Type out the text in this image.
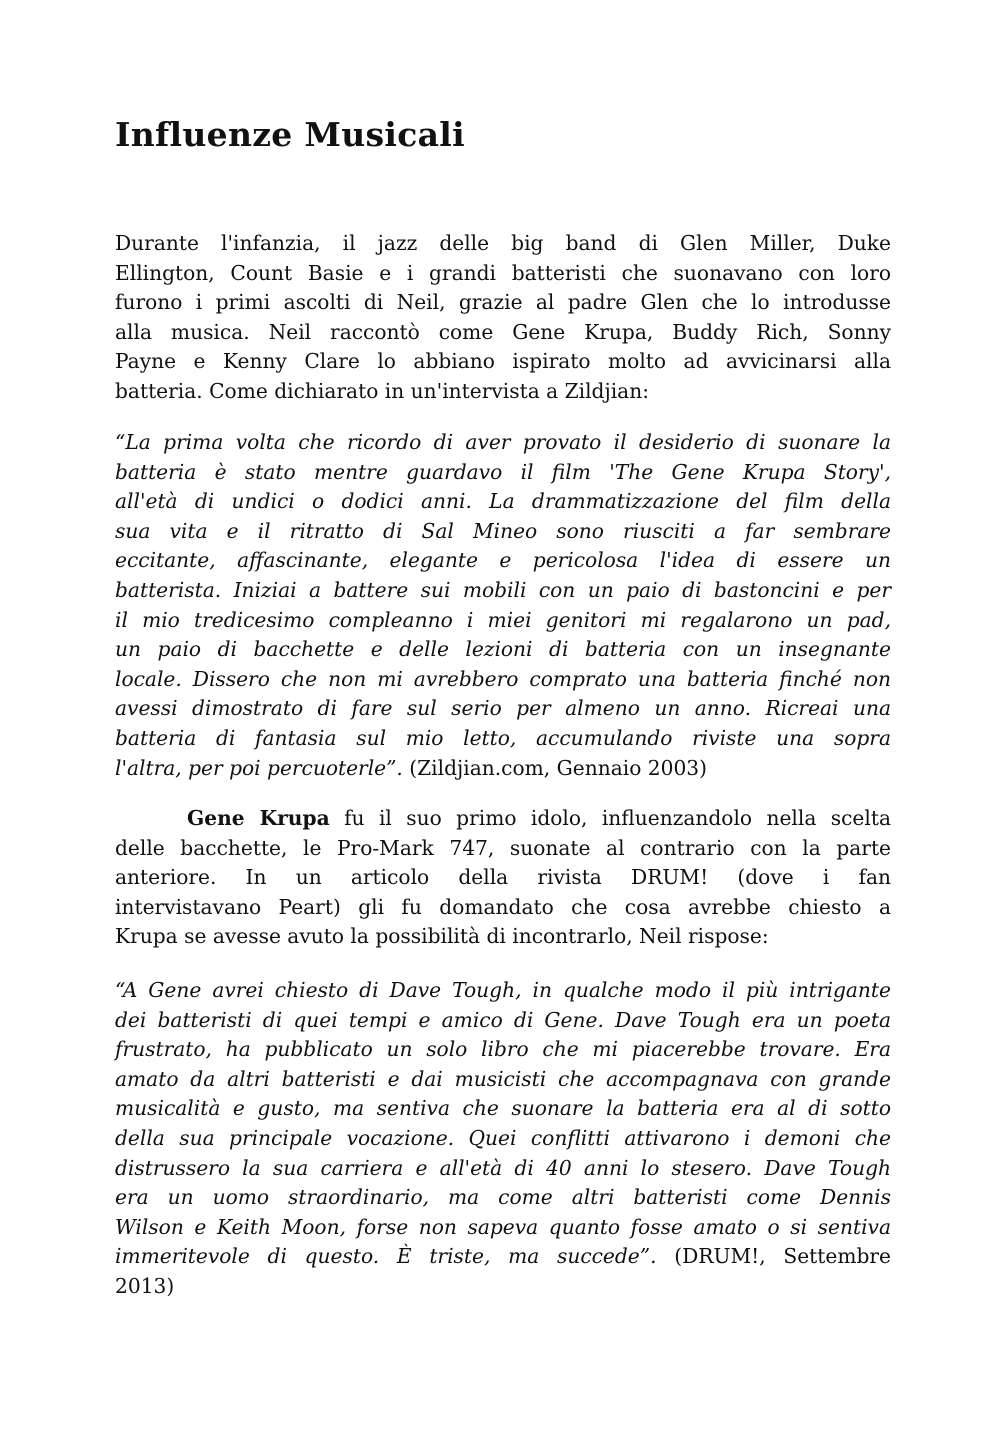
Influenze Musicali
Durante l'infanzia, il jazz delle big band di Glen Miller, Duke
Ellington, Count Basie e i grandi batteristi che suonavano con loro
furono i primi ascolti di Neil, grazie al padre Glen che lo introdusse
alla musica. Neil raccontò come Gene Krupa, Buddy Rich, Sonny
Payne e Kenny Clare lo abbiano ispirato molto ad avvicinarsi alla
batteria. Come dichiarato in un'intervista a Zildjian:
“La prima volta che ricordo di aver provato il desiderio di suonare la
batteria è stato mentre guardavo il film 'The Gene Krupa Story',
all'età di undici o dodici anni. La drammatizzazione del film della
sua vita e il ritratto di Sal Mineo sono riusciti a far sembrare
eccitante, affascinante, elegante e pericolosa l'idea di essere un
batterista. Iniziai a battere sui mobili con un paio di bastoncini e per
il mio tredicesimo compleanno i miei genitori mi regalarono un pad,
un paio di bacchette e delle lezioni di batteria con un insegnante
locale. Dissero che non mi avrebbero comprato una batteria finché non
avessi dimostrato di fare sul serio per almeno un anno. Ricreai una
batteria di fantasia sul mio letto, accumulando riviste una sopra
l'altra, per poi percuoterle”. (Zildjian.com, Gennaio 2003)
Gene Krupa fu il suo primo idolo, influenzandolo nella scelta
delle bacchette, le Pro-Mark 747, suonate al contrario con la parte
anteriore. In un articolo della rivista DRUM! (dove i fan
intervistavano Peart) gli fu domandato che cosa avrebbe chiesto a
Krupa se avesse avuto la possibilità di incontrarlo, Neil rispose:
“A Gene avrei chiesto di Dave Tough, in qualche modo il più intrigante
dei batteristi di quei tempi e amico di Gene. Dave Tough era un poeta
frustrato, ha pubblicato un solo libro che mi piacerebbe trovare. Era
amato da altri batteristi e dai musicisti che accompagnava con grande
musicalità e gusto, ma sentiva che suonare la batteria era al di sotto
della sua principale vocazione. Quei conflitti attivarono i demoni che
distrussero la sua carriera e all'età di 40 anni lo stesero. Dave Tough
era un uomo straordinario, ma come altri batteristi come Dennis
Wilson e Keith Moon, forse non sapeva quanto fosse amato o si sentiva
immeritevole di questo. È triste, ma succede”. (DRUM!, Settembre
2013)
